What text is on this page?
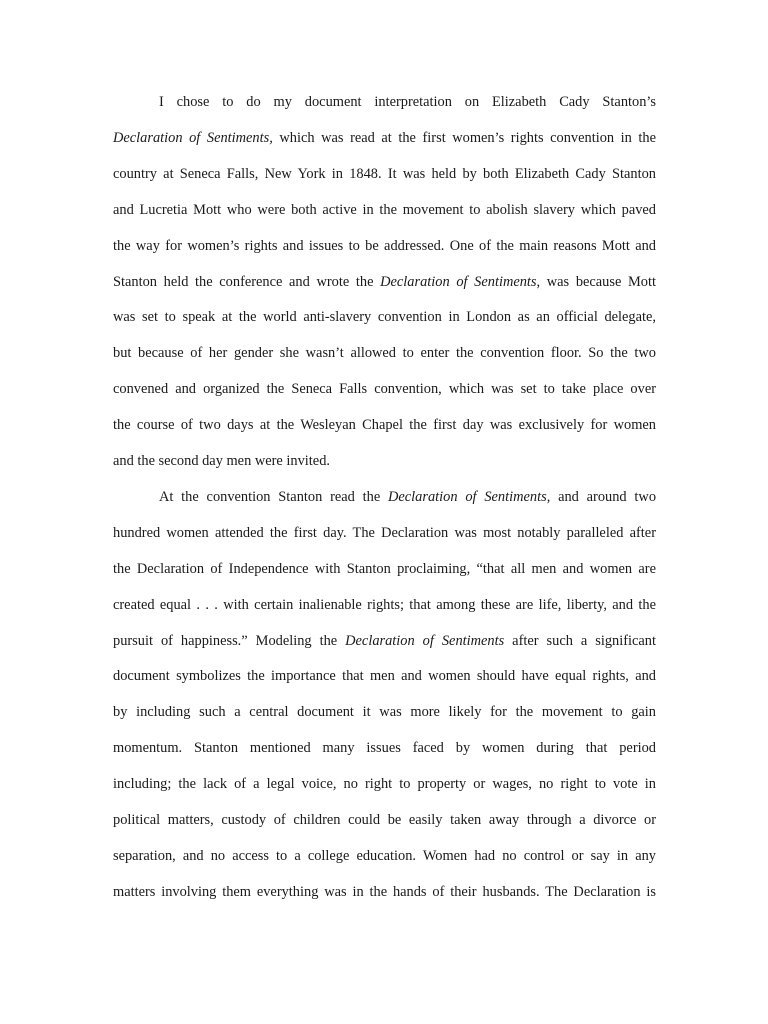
I chose to do my document interpretation on Elizabeth Cady Stanton’s
Declaration of Sentiments, which was read at the first women’s rights convention in the
country at Seneca Falls, New York in 1848. It was held by both Elizabeth Cady Stanton
and Lucretia Mott who were both active in the movement to abolish slavery which paved
the way for women’s rights and issues to be addressed. One of the main reasons Mott and
Stanton held the conference and wrote the Declaration of Sentiments, was because Mott
was set to speak at the world anti-slavery convention in London as an official delegate,
but because of her gender she wasn’t allowed to enter the convention floor. So the two
convened and organized the Seneca Falls convention, which was set to take place over
the course of two days at the Wesleyan Chapel the first day was exclusively for women
and the second day men were invited.
At the convention Stanton read the Declaration of Sentiments, and around two
hundred women attended the first day. The Declaration was most notably paralleled after
the Declaration of Independence with Stanton proclaiming, “that all men and women are
created equal . . . with certain inalienable rights; that among these are life, liberty, and the
pursuit of happiness.” Modeling the Declaration of Sentiments after such a significant
document symbolizes the importance that men and women should have equal rights, and
by including such a central document it was more likely for the movement to gain
momentum. Stanton mentioned many issues faced by women during that period
including; the lack of a legal voice, no right to property or wages, no right to vote in
political matters, custody of children could be easily taken away through a divorce or
separation, and no access to a college education. Women had no control or say in any
matters involving them everything was in the hands of their husbands. The Declaration is
